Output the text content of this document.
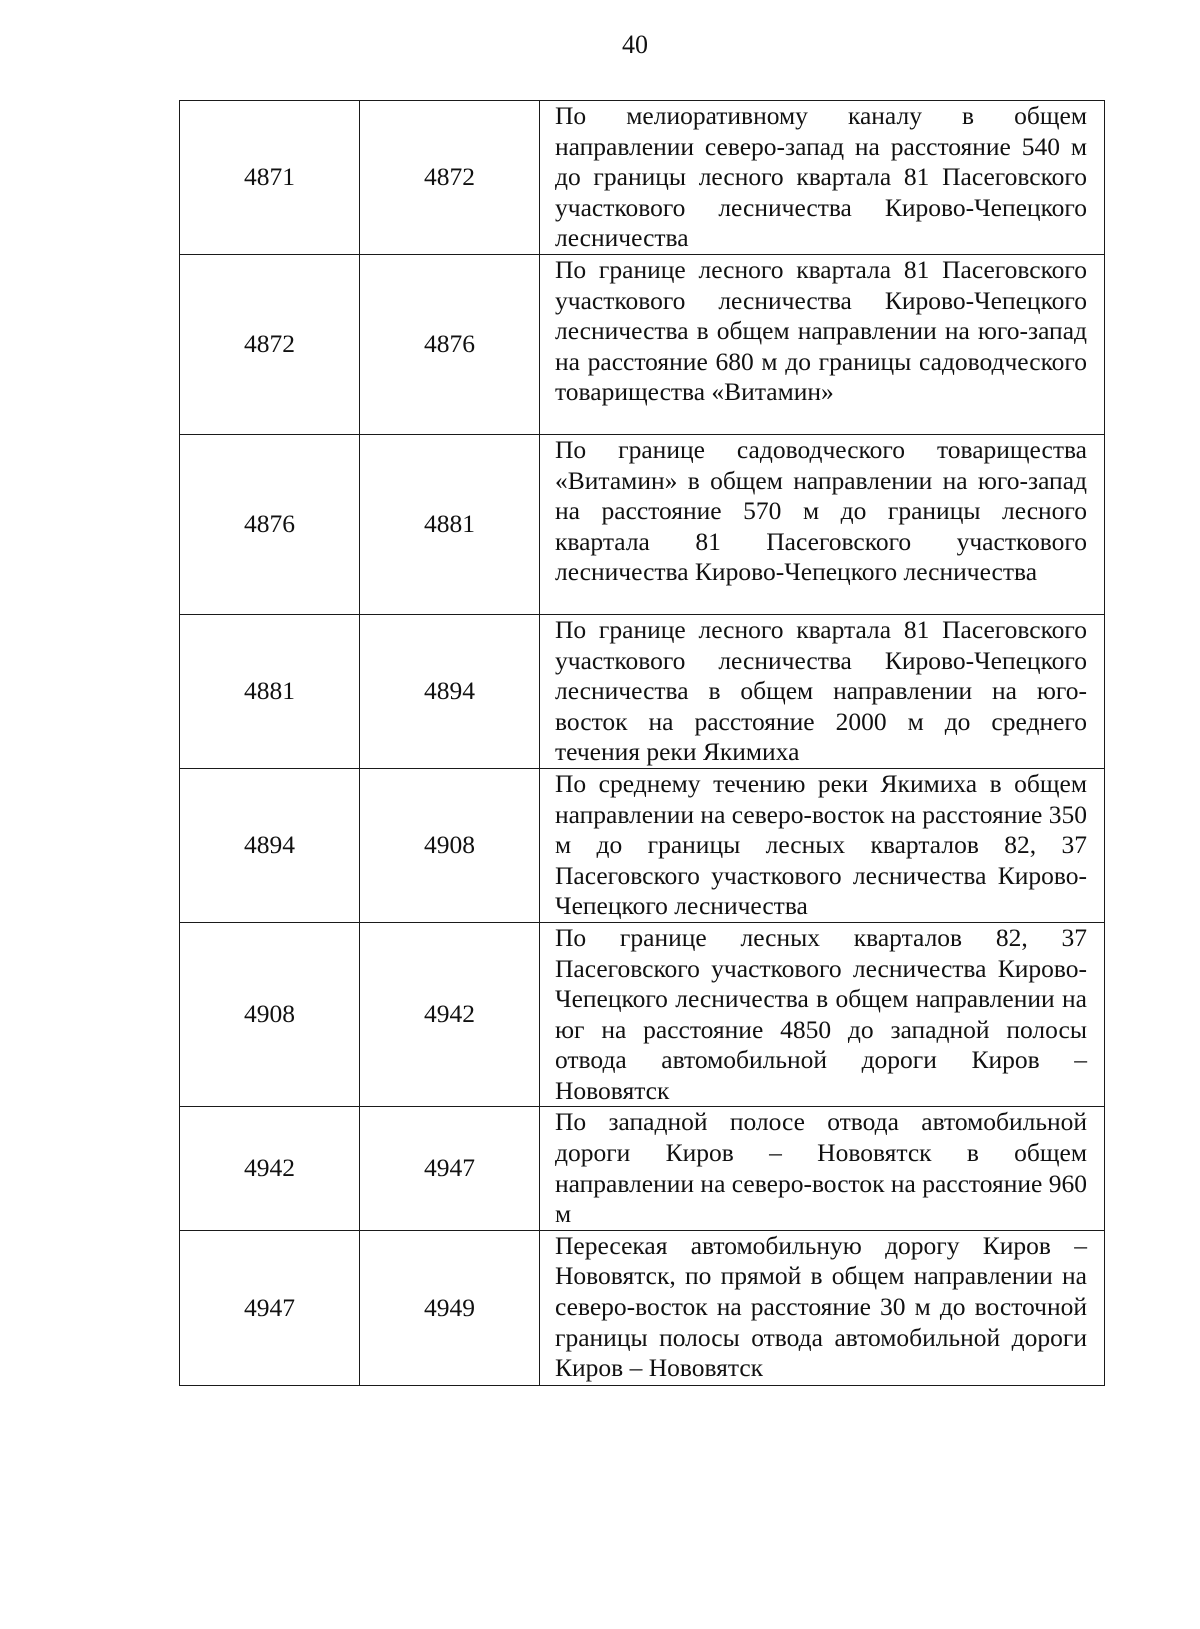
40
4871	4872	По мелиоративному каналу в общем направлении северо-запад на расстояние 540 м до границы лесного квартала 81 Пасеговского участкового лесничества Кирово-Чепецкого лесничества

4872	4876	По границе лесного квартала 81 Пасеговского участкового лесничества Кирово-Чепецкого лесничества в общем направлении на юго-запад на расстояние 680 м до границы садоводческого товарищества «Витамин»

4876	4881	По границе садоводческого товарищества «Витамин» в общем направлении на юго-запад на расстояние 570 м до границы лесного квартала 81 Пасеговского участкового лесничества Кирово-Чепецкого лесничества

4881	4894	По границе лесного квартала 81 Пасеговского участкового лесничества Кирово-Чепецкого лесничества в общем направлении на юго-восток на расстояние 2000 м до среднего течения реки Якимиха

4894	4908	По среднему течению реки Якимиха в общем направлении на северо-восток на расстояние 350 м до границы лесных кварталов 82, 37 Пасеговского участкового лесничества Кирово-Чепецкого лесничества

4908	4942	По границе лесных кварталов 82, 37 Пасеговского участкового лесничества Кирово-Чепецкого лесничества в общем направлении на юг на расстояние 4850 до западной полосы отвода автомобильной дороги Киров – Нововятск

4942	4947	По западной полосе отвода автомобильной дороги Киров – Нововятск в общем направлении на северо-восток на расстояние 960 м

4947	4949	Пересекая автомобильную дорогу Киров – Нововятск, по прямой в общем направлении на северо-восток на расстояние 30 м до восточной границы полосы отвода автомобильной дороги Киров – Нововятск
